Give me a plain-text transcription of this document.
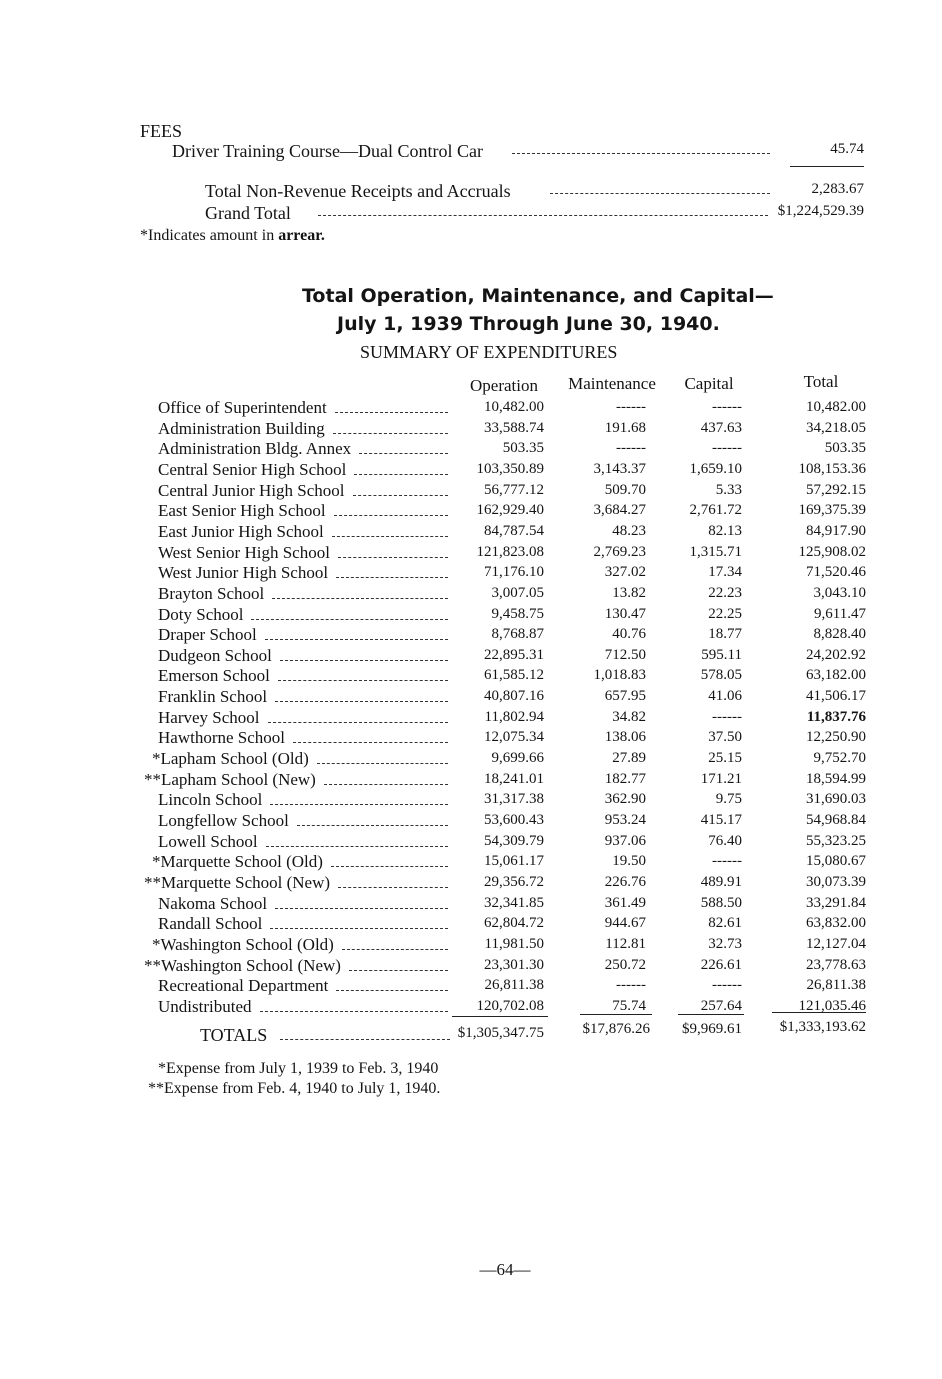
FEES
Driver Training Course—Dual Control Car	45.74
Total Non-Revenue Receipts and Accruals	2,283.67
Grand Total	$1,224,529.39
*Indicates amount in arrear.
Total Operation, Maintenance, and Capital—
July 1, 1939 Through June 30, 1940.
SUMMARY OF EXPENDITURES
Operation	Maintenance	Capital	Total
Office of Superintendent	10,482.00	------	------	10,482.00
Administration Building	33,588.74	191.68	437.63	34,218.05
Administration Bldg. Annex	503.35	------	------	503.35
Central Senior High School	103,350.89	3,143.37	1,659.10	108,153.36
Central Junior High School	56,777.12	509.70	5.33	57,292.15
East Senior High School	162,929.40	3,684.27	2,761.72	169,375.39
East Junior High School	84,787.54	48.23	82.13	84,917.90
West Senior High School	121,823.08	2,769.23	1,315.71	125,908.02
West Junior High School	71,176.10	327.02	17.34	71,520.46
Brayton School	3,007.05	13.82	22.23	3,043.10
Doty School	9,458.75	130.47	22.25	9,611.47
Draper School	8,768.87	40.76	18.77	8,828.40
Dudgeon School	22,895.31	712.50	595.11	24,202.92
Emerson School	61,585.12	1,018.83	578.05	63,182.00
Franklin School	40,807.16	657.95	41.06	41,506.17
Harvey School	11,802.94	34.82	------	11,837.76
Hawthorne School	12,075.34	138.06	37.50	12,250.90
*Lapham School (Old)	9,699.66	27.89	25.15	9,752.70
**Lapham School (New)	18,241.01	182.77	171.21	18,594.99
Lincoln School	31,317.38	362.90	9.75	31,690.03
Longfellow School	53,600.43	953.24	415.17	54,968.84
Lowell School	54,309.79	937.06	76.40	55,323.25
*Marquette School (Old)	15,061.17	19.50	------	15,080.67
**Marquette School (New)	29,356.72	226.76	489.91	30,073.39
Nakoma School	32,341.85	361.49	588.50	33,291.84
Randall School	62,804.72	944.67	82.61	63,832.00
*Washington School (Old)	11,981.50	112.81	32.73	12,127.04
**Washington School (New)	23,301.30	250.72	226.61	23,778.63
Recreational Department	26,811.38	------	------	26,811.38
Undistributed	120,702.08	75.74	257.64	121,035.46
TOTALS	$1,305,347.75	$17,876.26	$9,969.61	$1,333,193.62
*Expense from July 1, 1939 to Feb. 3, 1940
**Expense from Feb. 4, 1940 to July 1, 1940.
—64—
